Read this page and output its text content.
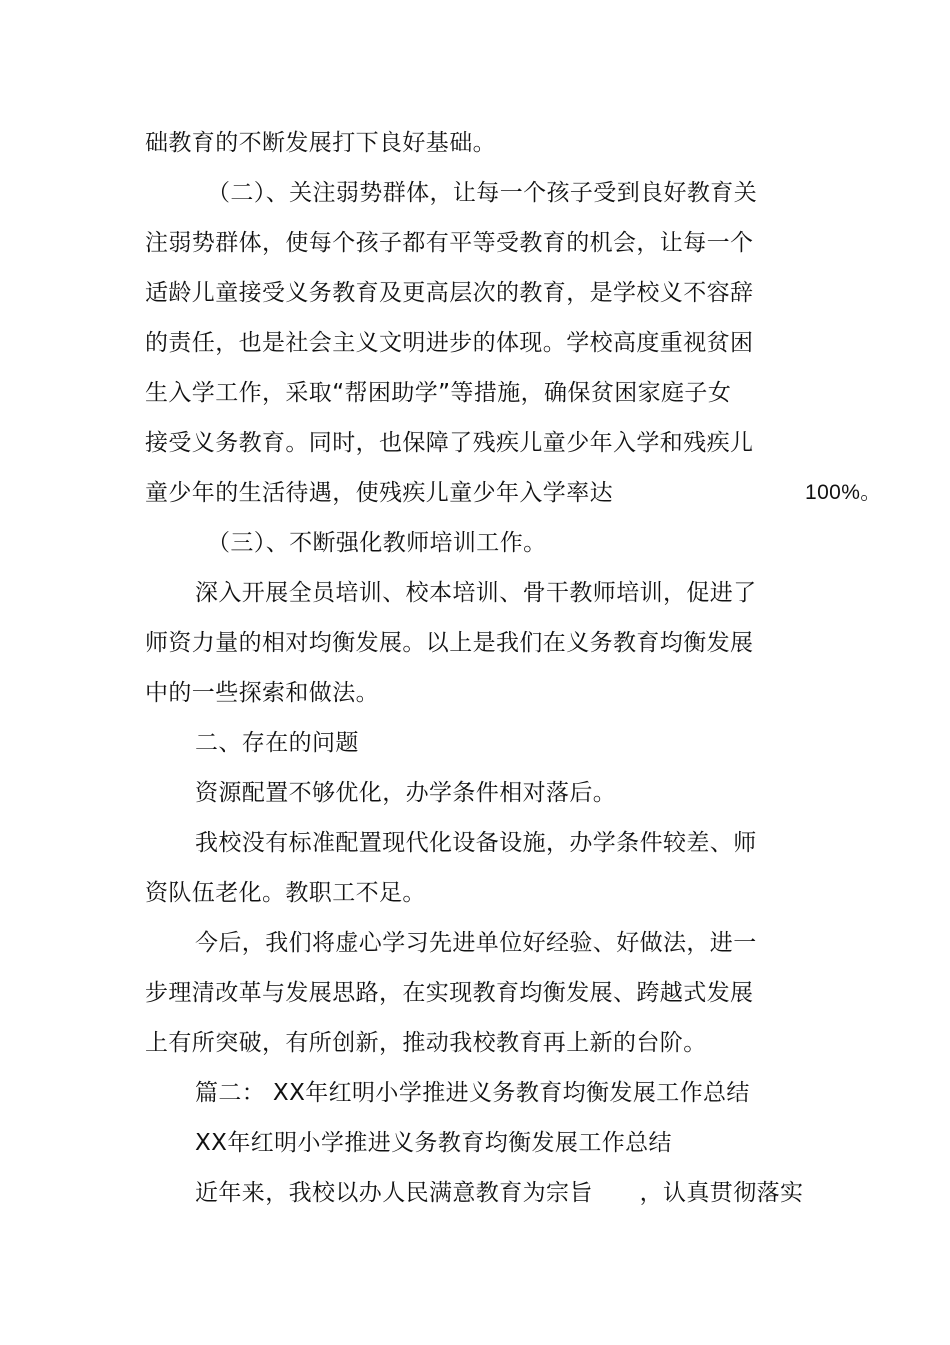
础教育的不断发展打下良好基础。
（二）、关注弱势群体，让每一个孩子受到良好教育关
注弱势群体，使每个孩子都有平等受教育的机会，让每一个
适龄儿童接受义务教育及更高层次的教育，是学校义不容辞
的责任，也是社会主义文明进步的体现。学校高度重视贫困
生入学工作，采取“帮困助学”等措施，确保贫困家庭子女
接受义务教育。同时，也保障了残疾儿童少年入学和残疾儿
童少年的生活待遇，使残疾儿童少年入学率达	100%。
（三）、不断强化教师培训工作。
深入开展全员培训、校本培训、骨干教师培训，促进了
师资力量的相对均衡发展。以上是我们在义务教育均衡发展
中的一些探索和做法。
二、存在的问题
资源配置不够优化，办学条件相对落后。
我校没有标准配置现代化设备设施，办学条件较差、师
资队伍老化。教职工不足。
今后，我们将虚心学习先进单位好经验、好做法，进一
步理清改革与发展思路，在实现教育均衡发展、跨越式发展
上有所突破，有所创新，推动我校教育再上新的台阶。
篇二： XX年红明小学推进义务教育均衡发展工作总结
XX年红明小学推进义务教育均衡发展工作总结
近年来，我校以办人民满意教育为宗旨　　，认真贯彻落实
